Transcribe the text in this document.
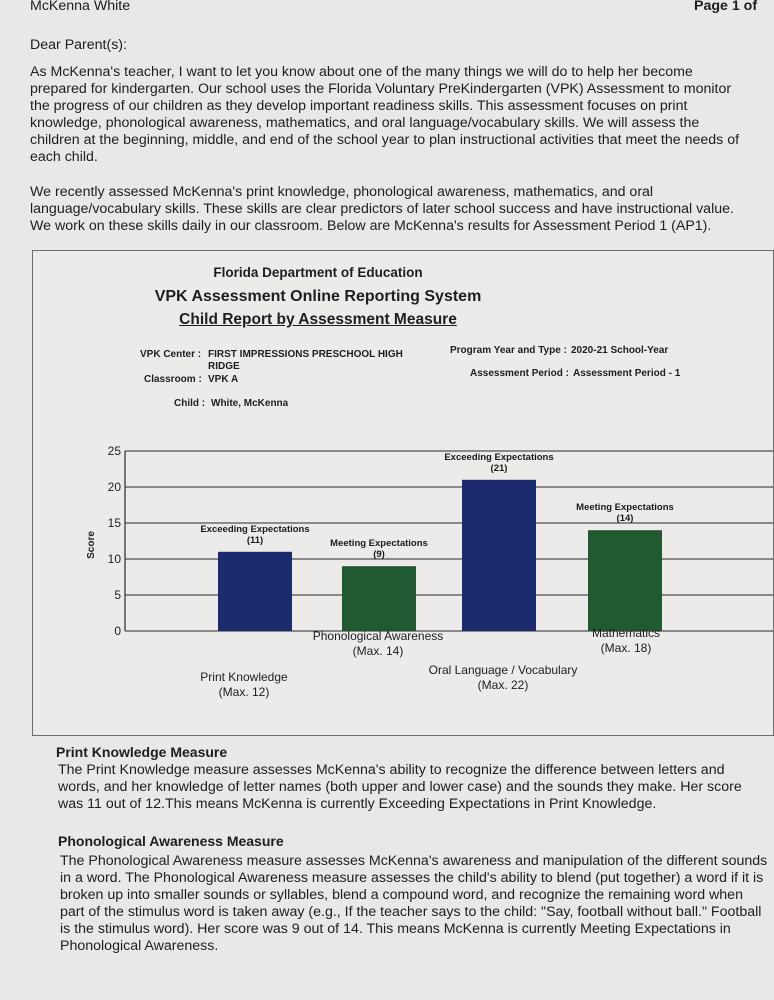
McKenna White	Page 1 of
Dear Parent(s):
As McKenna's teacher, I want to let you know about one of the many things we will do to help her become
prepared for kindergarten. Our school uses the Florida Voluntary PreKindergarten (VPK) Assessment to monitor
the progress of our children as they develop important readiness skills. This assessment focuses on print
knowledge, phonological awareness, mathematics, and oral language/vocabulary skills. We will assess the
children at the beginning, middle, and end of the school year to plan instructional activities that meet the needs of
each child.
We recently assessed McKenna's print knowledge, phonological awareness, mathematics, and oral
language/vocabulary skills. These skills are clear predictors of later school success and have instructional value.
We work on these skills daily in our classroom. Below are McKenna's results for Assessment Period 1 (AP1).
Florida Department of Education
VPK Assessment Online Reporting System
Child Report by Assessment Measure
VPK Center : FIRST IMPRESSIONS PRESCHOOL HIGH
RIDGE
Classroom : VPK A
Child : White, McKenna
Program Year and Type : 2020-21 School-Year
Assessment Period : Assessment Period - 1
0
5
10
15
20
25
Exceeding Expectations
(11)	Meeting Expectations
(9)
Exceeding Expectations
(21)
Meeting Expectations
(14)
Score
Print Knowledge
(Max. 12)
Phonological Awareness
(Max. 14)
Oral Language / Vocabulary
(Max. 22)
Mathematics
(Max. 18)
Print Knowledge Measure
The Print Knowledge measure assesses McKenna's ability to recognize the difference between letters and
words, and her knowledge of letter names (both upper and lower case) and the sounds they make. Her score
was 11 out of 12.This means McKenna is currently Exceeding Expectations in Print Knowledge.
Phonological Awareness Measure
The Phonological Awareness measure assesses McKenna's awareness and manipulation of the different sounds
in a word. The Phonological Awareness measure assesses the child's ability to blend (put together) a word if it is
broken up into smaller sounds or syllables, blend a compound word, and recognize the remaining word when
part of the stimulus word is taken away (e.g., If the teacher says to the child: "Say, football without ball." Football
is the stimulus word). Her score was 9 out of 14. This means McKenna is currently Meeting Expectations in
Phonological Awareness.
